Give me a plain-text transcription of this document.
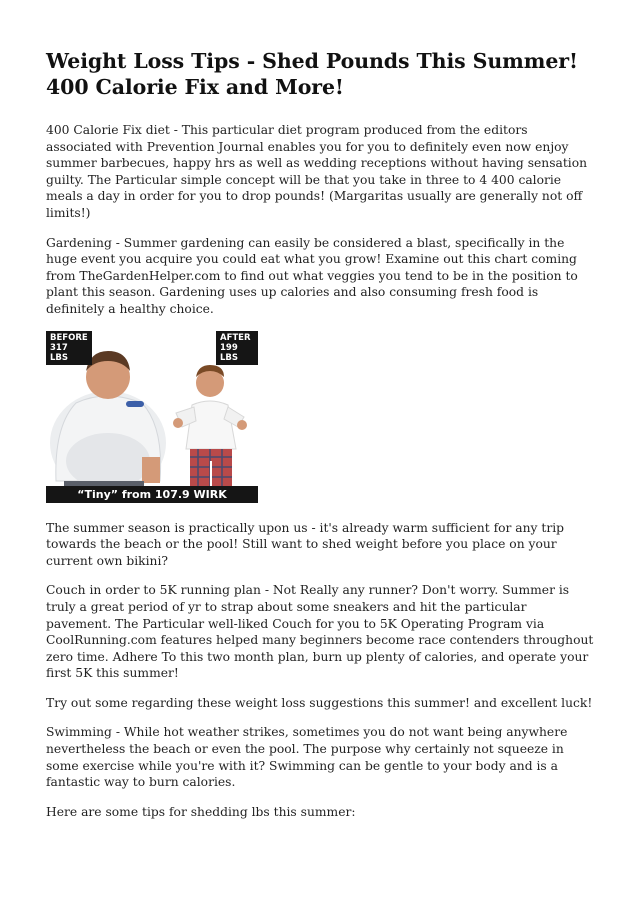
Weight Loss Tips - Shed Pounds This Summer! 400 Calorie Fix and More!

400 Calorie Fix diet - This particular diet program produced from the editors associated with Prevention Journal enables you for you to definitely even now enjoy summer barbecues, happy hrs as well as wedding receptions without having sensation guilty. The Particular simple concept will be that you take in three to 4 400 calorie meals a day in order for you to drop pounds! (Margaritas usually are generally not off limits!)

Gardening - Summer gardening can easily be considered a blast, specifically in the huge event you acquire you could eat what you grow! Examine out this chart coming from TheGardenHelper.com to find out what veggies you tend to be in the position to plant this season. Gardening uses up calories and also consuming fresh food is definitely a healthy choice.

BEFORE
317 LBS
AFTER
199 LBS
“Tiny” from 107.9 WIRK

The summer season is practically upon us - it's already warm sufficient for any trip towards the beach or the pool! Still want to shed weight before you place on your current own bikini?

Couch in order to 5K running plan - Not Really any runner? Don't worry. Summer is truly a great period of yr to strap about some sneakers and hit the particular pavement. The Particular well-liked Couch for you to 5K Operating Program via CoolRunning.com features helped many beginners become race contenders throughout zero time. Adhere To this two month plan, burn up plenty of calories, and operate your first 5K this summer!

Try out some regarding these weight loss suggestions this summer! and excellent luck!

Swimming - While hot weather strikes, sometimes you do not want being anywhere nevertheless the beach or even the pool. The purpose why certainly not squeeze in some exercise while you're with it? Swimming can be gentle to your body and is a fantastic way to burn calories.

Here are some tips for shedding lbs this summer:
